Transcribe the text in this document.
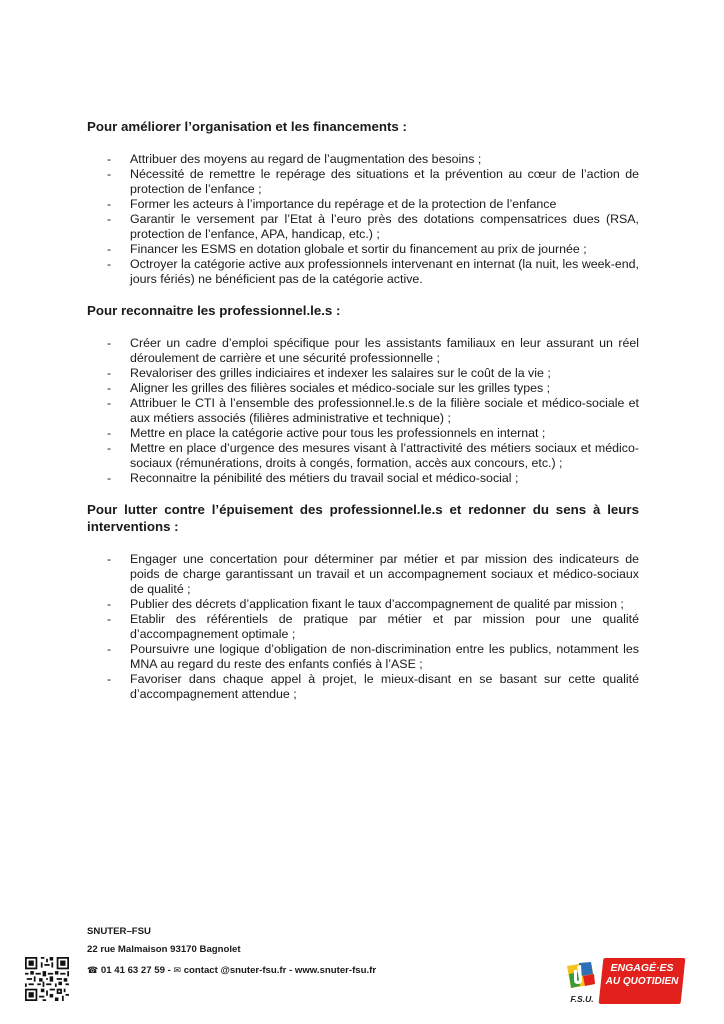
Pour améliorer l’organisation et les financements :

- Attribuer des moyens au regard de l’augmentation des besoins ;
- Nécessité de remettre le repérage des situations et la prévention au cœur de l’action de protection de l’enfance ;
- Former les acteurs à l’importance du repérage et de la protection de l’enfance
- Garantir le versement par l’Etat à l’euro près des dotations compensatrices dues (RSA, protection de l’enfance, APA, handicap, etc.) ;
- Financer les ESMS en dotation globale et sortir du financement au prix de journée ;
- Octroyer la catégorie active aux professionnels intervenant en internat (la nuit, les week-end, jours fériés) ne bénéficient pas de la catégorie active.

Pour reconnaitre les professionnel.le.s :

- Créer un cadre d’emploi spécifique pour les assistants familiaux en leur assurant un réel déroulement de carrière et une sécurité professionnelle ;
- Revaloriser des grilles indiciaires et indexer les salaires sur le coût de la vie ;
- Aligner les grilles des filières sociales et médico-sociale sur les grilles types ;
- Attribuer le CTI à l’ensemble des professionnel.le.s de la filière sociale et médico-sociale et aux métiers associés (filières administrative et technique) ;
- Mettre en place la catégorie active pour tous les professionnels en internat ;
- Mettre en place d’urgence des mesures visant à l’attractivité des métiers sociaux et médico-sociaux (rémunérations, droits à congés, formation, accès aux concours, etc.) ;
- Reconnaitre la pénibilité des métiers du travail social et médico-social ;

Pour lutter contre l’épuisement des professionnel.le.s et redonner du sens à leurs interventions :

- Engager une concertation pour déterminer par métier et par mission des indicateurs de poids de charge garantissant un travail et un accompagnement sociaux et médico-sociaux de qualité ;
- Publier des décrets d’application fixant le taux d’accompagnement de qualité par mission ;
- Etablir des référentiels de pratique par métier et par mission pour une qualité d’accompagnement optimale ;
- Poursuivre une logique d’obligation de non-discrimination entre les publics, notamment les MNA au regard du reste des enfants confiés à l’ASE ;
- Favoriser dans chaque appel à projet, le mieux-disant en se basant sur cette qualité d’accompagnement attendue ;
SNUTER–FSU
22 rue Malmaison 93170 Bagnolet
☎ 01 41 63 27 59 - ✉ contact @snuter-fsu.fr - www.snuter-fsu.fr
F.S.U.
ENGAGÉ·ES
AU QUOTIDIEN
